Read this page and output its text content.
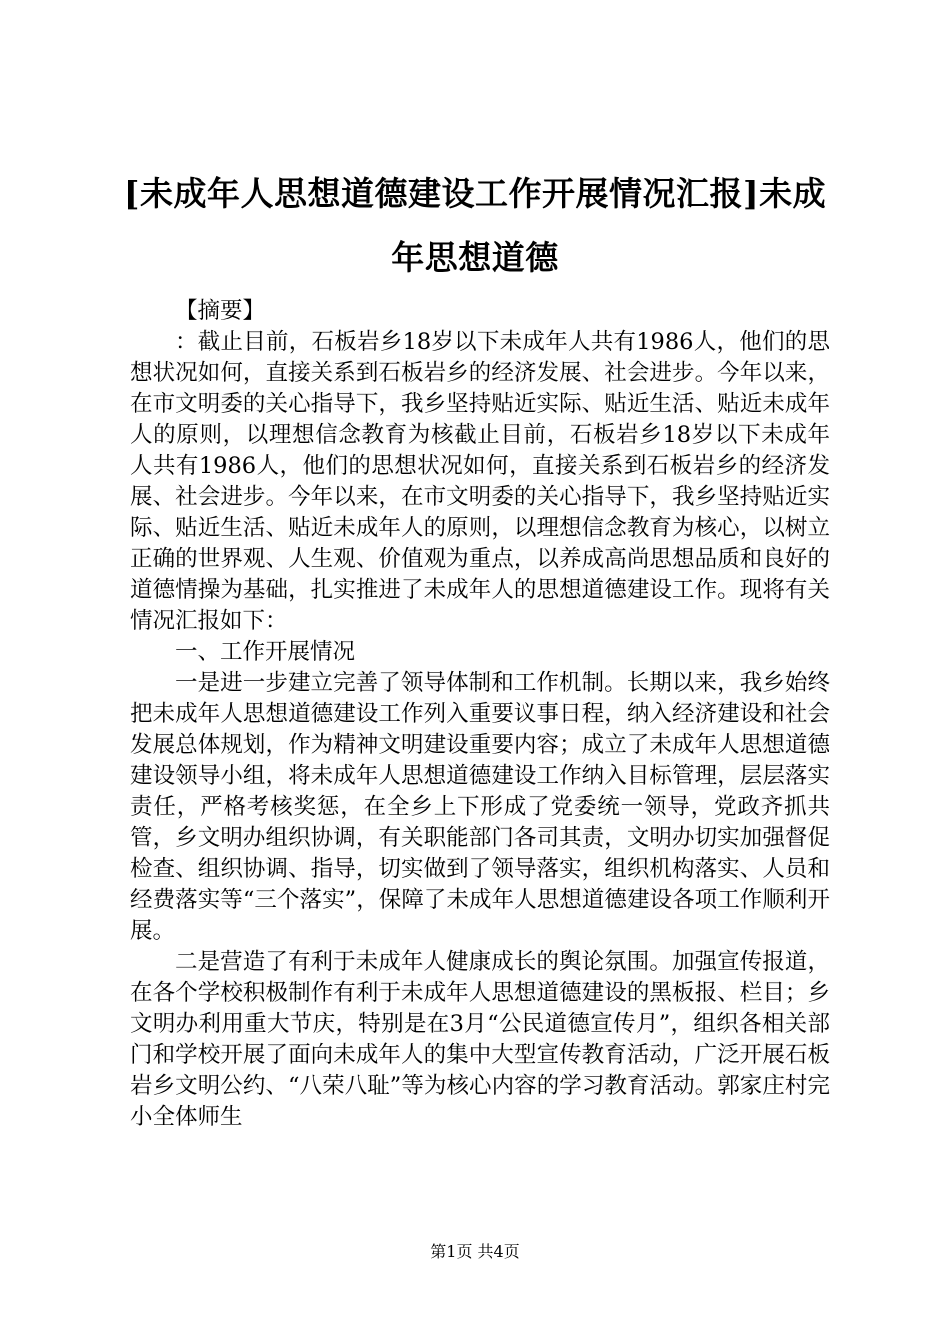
[未成年人思想道德建设工作开展情况汇报]未成年思想道德

【摘要】

：截止目前，石板岩乡18岁以下未成年人共有1986人，他们的思想状况如何，直接关系到石板岩乡的经济发展、社会进步。今年以来，在市文明委的关心指导下，我乡坚持贴近实际、贴近生活、贴近未成年人的原则，以理想信念教育为核截止目前，石板岩乡18岁以下未成年人共有1986人，他们的思想状况如何，直接关系到石板岩乡的经济发展、社会进步。今年以来，在市文明委的关心指导下，我乡坚持贴近实际、贴近生活、贴近未成年人的原则，以理想信念教育为核心，以树立正确的世界观、人生观、价值观为重点，以养成高尚思想品质和良好的道德情操为基础，扎实推进了未成年人的思想道德建设工作。现将有关情况汇报如下：

一、工作开展情况

一是进一步建立完善了领导体制和工作机制。长期以来，我乡始终把未成年人思想道德建设工作列入重要议事日程，纳入经济建设和社会发展总体规划，作为精神文明建设重要内容；成立了未成年人思想道德建设领导小组，将未成年人思想道德建设工作纳入目标管理，层层落实责任，严格考核奖惩，在全乡上下形成了党委统一领导，党政齐抓共管，乡文明办组织协调，有关职能部门各司其责，文明办切实加强督促检查、组织协调、指导，切实做到了领导落实，组织机构落实、人员和经费落实等“三个落实”，保障了未成年人思想道德建设各项工作顺利开展。

二是营造了有利于未成年人健康成长的舆论氛围。加强宣传报道，在各个学校积极制作有利于未成年人思想道德建设的黑板报、栏目；乡文明办利用重大节庆，特别是在3月“公民道德宣传月”，组织各相关部门和学校开展了面向未成年人的集中大型宣传教育活动，广泛开展石板岩乡文明公约、“八荣八耻”等为核心内容的学习教育活动。郭家庄村完小全体师生

第1页 共4页
